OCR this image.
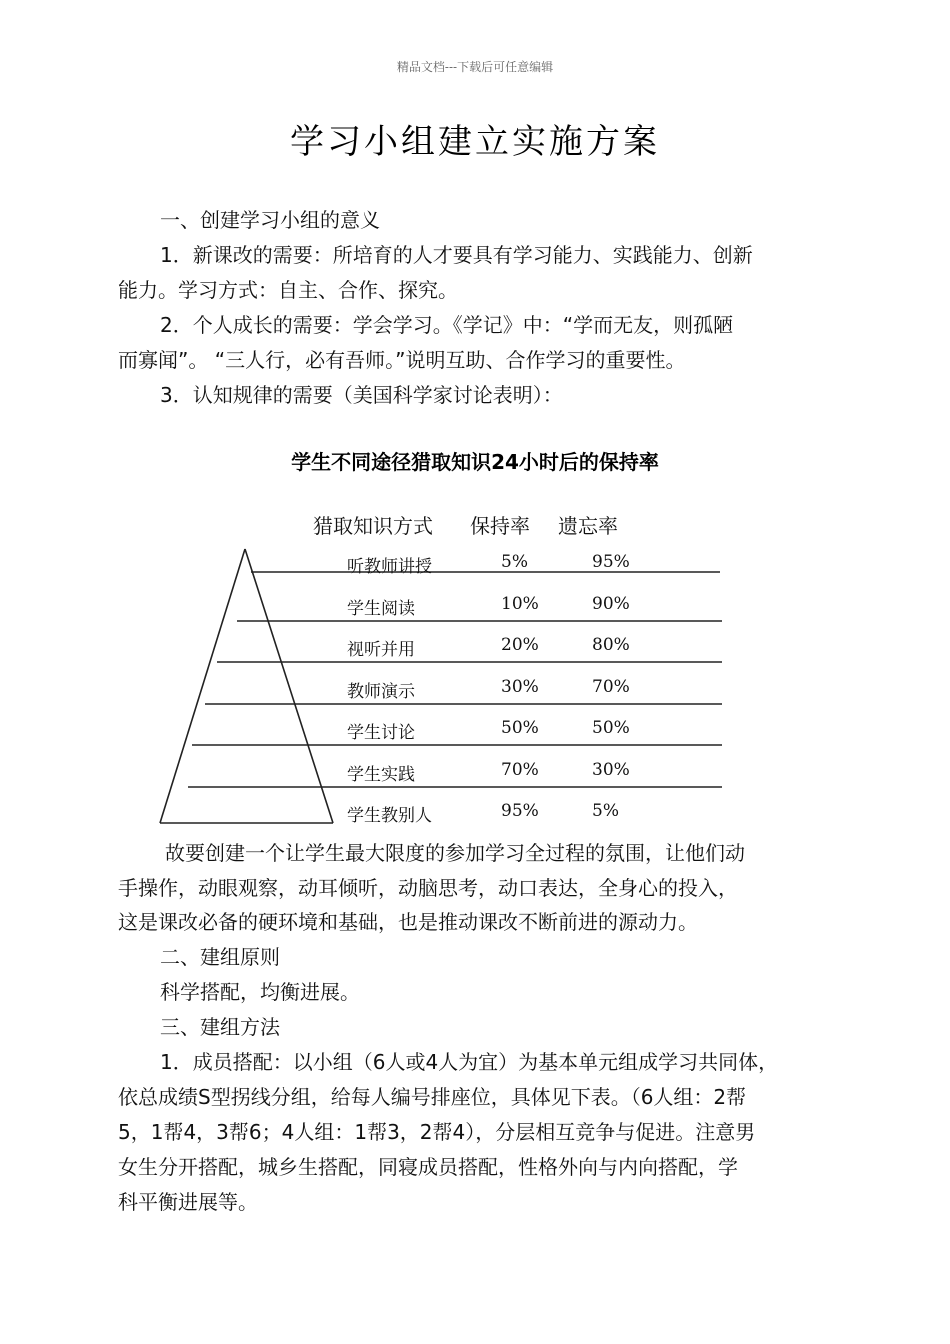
精品文档---下载后可任意编辑
学习小组建立实施方案
一、创建学习小组的意义
1．新课改的需要：所培育的人才要具有学习能力、实践能力、创新
能力。学习方式：自主、合作、探究。
2．个人成长的需要：学会学习。《学记》中：“学而无友，则孤陋
而寡闻”。 “三人行，必有吾师。”说明互助、合作学习的重要性。
3．认知规律的需要（美国科学家讨论表明）：
学生不同途径猎取知识24小时后的保持率
猎取知识方式 保持率 遗忘率
听教师讲授	5%	95%
学生阅读	10%	90%
视听并用	20%	80%
教师演示	30%	70%
学生讨论	50%	50%
学生实践	70%	30%
学生教别人	95%	5%
故要创建一个让学生最大限度的参加学习全过程的氛围，让他们动
手操作，动眼观察，动耳倾听，动脑思考，动口表达，全身心的投入，
这是课改必备的硬环境和基础，也是推动课改不断前进的源动力。
二、建组原则
科学搭配，均衡进展。
三、建组方法
1．成员搭配：以小组（6人或4人为宜）为基本单元组成学习共同体，
依总成绩S型拐线分组，给每人编号排座位，具体见下表。（6人组：2帮
5，1帮4，3帮6；4人组：1帮3，2帮4），分层相互竞争与促进。注意男
女生分开搭配，城乡生搭配，同寝成员搭配，性格外向与内向搭配，学
科平衡进展等。
